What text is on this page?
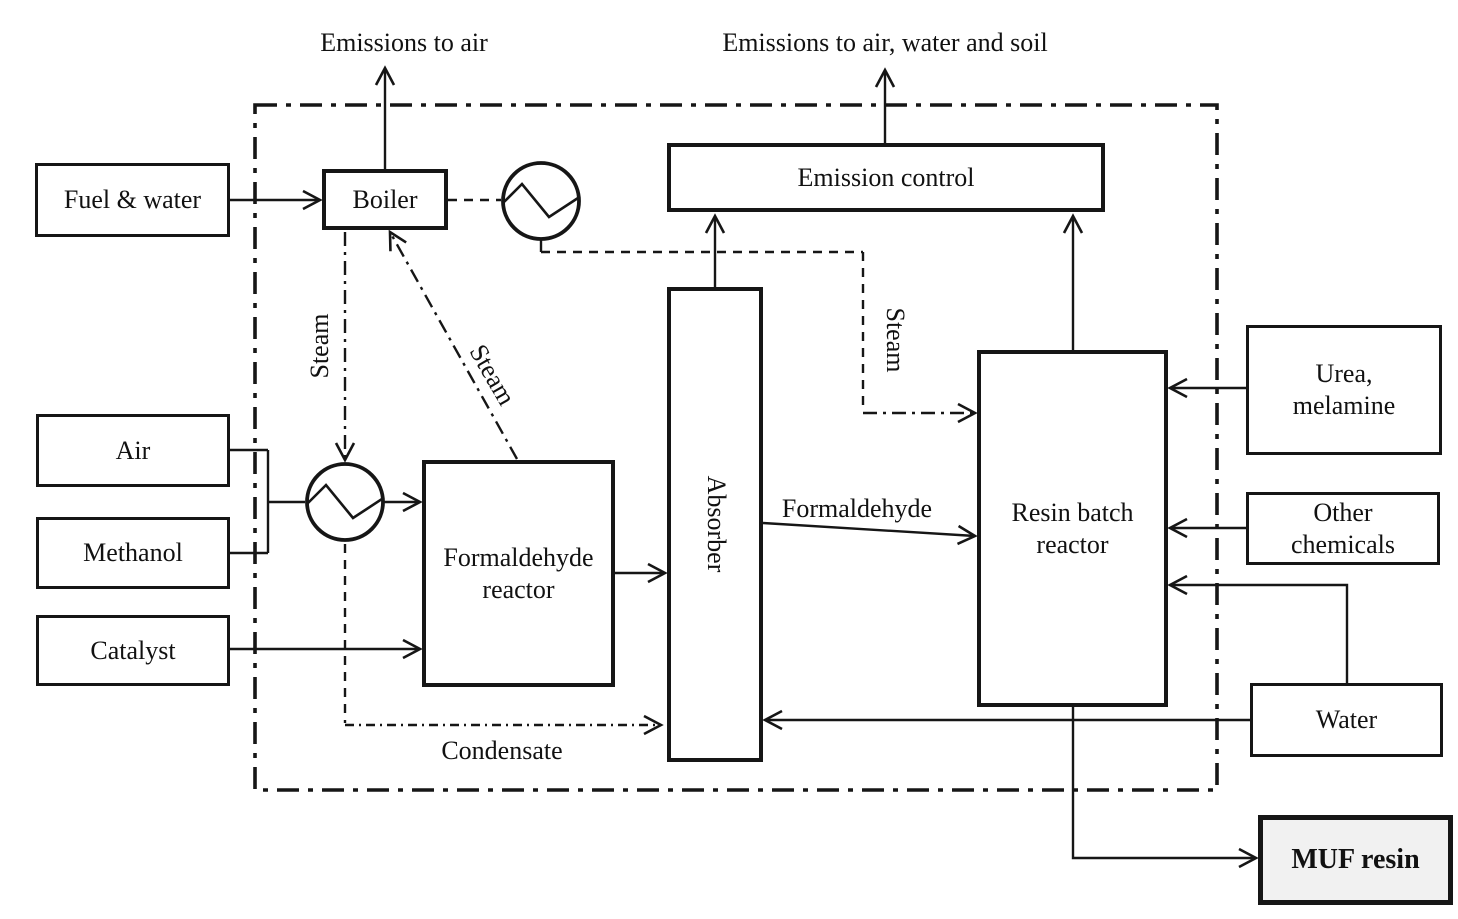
Emissions to air	Emissions to air, water and soil
Fuel & water	Boiler
Emission control
Air
Methanol
Catalyst
Formaldehyde
reactor
Absorber	Resin batch
reactor
Urea,
melamine
Other
chemicals
Water
MUF resin
Steam	Steam	Steam
Condensate
Formaldehyde
